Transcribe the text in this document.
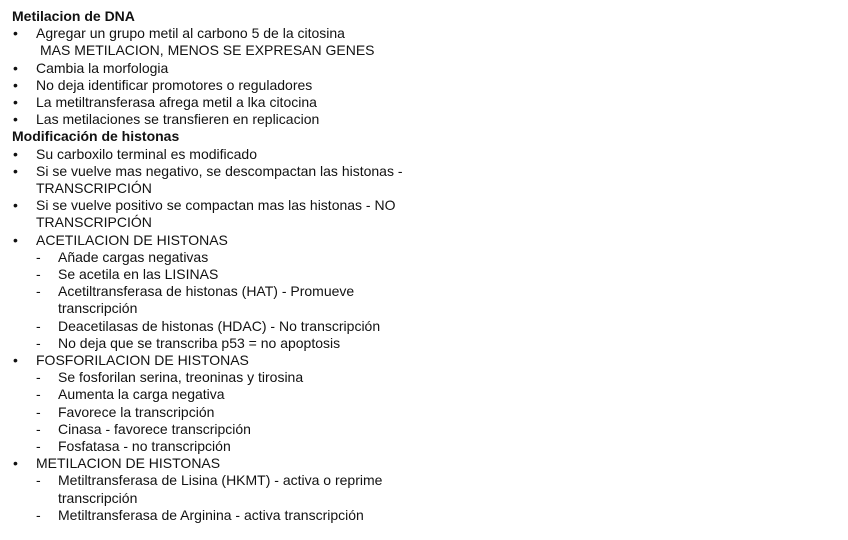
Metilacion de DNA
• Agregar un grupo metil al carbono 5 de la citosina
MAS METILACION, MENOS SE EXPRESAN GENES
• Cambia la morfologia
• No deja identificar promotores o reguladores
• La metiltransferasa afrega metil a lka citocina
• Las metilaciones se transfieren en replicacion
Modificación de histonas
• Su carboxilo terminal es modificado
• Si se vuelve mas negativo, se descompactan las histonas - TRANSCRIPCIÓN
• Si se vuelve positivo se compactan mas las histonas - NO TRANSCRIPCIÓN
• ACETILACION DE HISTONAS
- Añade cargas negativas
- Se acetila en las LISINAS
- Acetiltransferasa de histonas (HAT) - Promueve transcripción
- Deacetilasas de histonas (HDAC) - No transcripción
- No deja que se transcriba p53 = no apoptosis
• FOSFORILACION DE HISTONAS
- Se fosforilan serina, treoninas y tirosina
- Aumenta la carga negativa
- Favorece la transcripción
- Cinasa - favorece transcripción
- Fosfatasa - no transcripción
• METILACION DE HISTONAS
- Metiltransferasa de Lisina (HKMT) - activa o reprime transcripción
- Metiltransferasa de Arginina - activa transcripción
